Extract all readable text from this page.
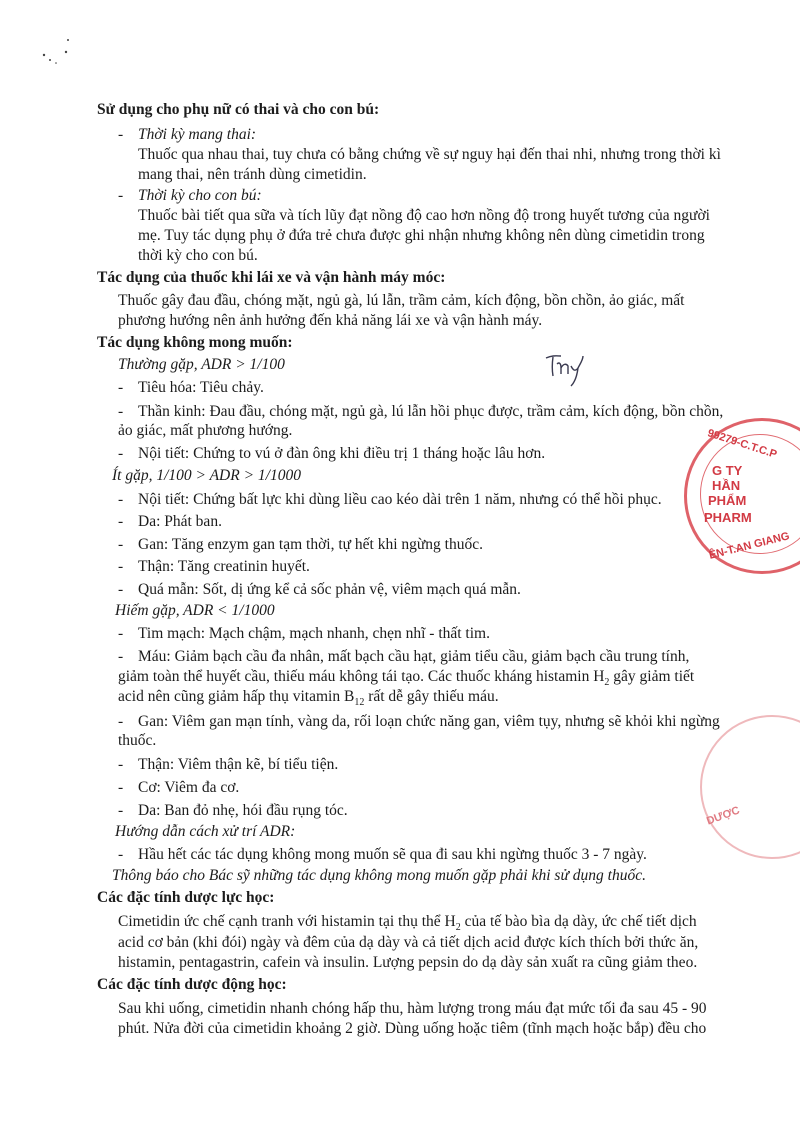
Sử dụng cho phụ nữ có thai và cho con bú:
- Thời kỳ mang thai:
Thuốc qua nhau thai, tuy chưa có bằng chứng về sự nguy hại đến thai nhi, nhưng trong thời kì
mang thai, nên tránh dùng cimetidin.
- Thời kỳ cho con bú:
Thuốc bài tiết qua sữa và tích lũy đạt nồng độ cao hơn nồng độ trong huyết tương của người
mẹ. Tuy tác dụng phụ ở đứa trẻ chưa được ghi nhận nhưng không nên dùng cimetidin trong
thời kỳ cho con bú.
Tác dụng của thuốc khi lái xe và vận hành máy móc:
Thuốc gây đau đầu, chóng mặt, ngủ gà, lú lẫn, trầm cảm, kích động, bồn chồn, ảo giác, mất
phương hướng nên ảnh hưởng đến khả năng lái xe và vận hành máy.
Tác dụng không mong muốn:
Thường gặp, ADR > 1/100
- Tiêu hóa: Tiêu chảy.
- Thần kinh: Đau đầu, chóng mặt, ngủ gà, lú lẫn hồi phục được, trầm cảm, kích động, bồn chồn,
ảo giác, mất phương hướng.
- Nội tiết: Chứng to vú ở đàn ông khi điều trị 1 tháng hoặc lâu hơn.
Ít gặp, 1/100 > ADR > 1/1000
- Nội tiết: Chứng bất lực khi dùng liều cao kéo dài trên 1 năm, nhưng có thể hồi phục.
- Da: Phát ban.
- Gan: Tăng enzym gan tạm thời, tự hết khi ngừng thuốc.
- Thận: Tăng creatinin huyết.
- Quá mẫn: Sốt, dị ứng kể cả sốc phản vệ, viêm mạch quá mẫn.
Hiếm gặp, ADR < 1/1000
- Tim mạch: Mạch chậm, mạch nhanh, chẹn nhĩ - thất tim.
- Máu: Giảm bạch cầu đa nhân, mất bạch cầu hạt, giảm tiểu cầu, giảm bạch cầu trung tính,
giảm toàn thể huyết cầu, thiếu máu không tái tạo. Các thuốc kháng histamin $H_2$ gây giảm tiết
acid nên cũng giảm hấp thụ vitamin $B_{12}$ rất dễ gây thiếu máu.
- Gan: Viêm gan mạn tính, vàng da, rối loạn chức năng gan, viêm tụy, nhưng sẽ khỏi khi ngừng
thuốc.
- Thận: Viêm thận kẽ, bí tiểu tiện.
- Cơ: Viêm đa cơ.
- Da: Ban đỏ nhẹ, hói đầu rụng tóc.
Hướng dẫn cách xử trí ADR:
- Hầu hết các tác dụng không mong muốn sẽ qua đi sau khi ngừng thuốc 3 - 7 ngày.
Thông báo cho Bác sỹ những tác dụng không mong muốn gặp phải khi sử dụng thuốc.
Các đặc tính dược lực học:
Cimetidin ức chế cạnh tranh với histamin tại thụ thể $H_2$ của tế bào bìa dạ dày, ức chế tiết dịch
acid cơ bản (khi đói) ngày và đêm của dạ dày và cả tiết dịch acid được kích thích bởi thức ăn,
histamin, pentagastrin, cafein và insulin. Lượng pepsin do dạ dày sản xuất ra cũng giảm theo.
Các đặc tính dược động học:
Sau khi uống, cimetidin nhanh chóng hấp thu, hàm lượng trong máu đạt mức tối đa sau 45 - 90
phút. Nửa đời của cimetidin khoảng 2 giờ. Dùng uống hoặc tiêm (tĩnh mạch hoặc bắp) đều cho
99279-C.T.C.P
G TY
HẦN
PHẨM
PHARM
ÊN-T.AN GIANG
DƯỢC
